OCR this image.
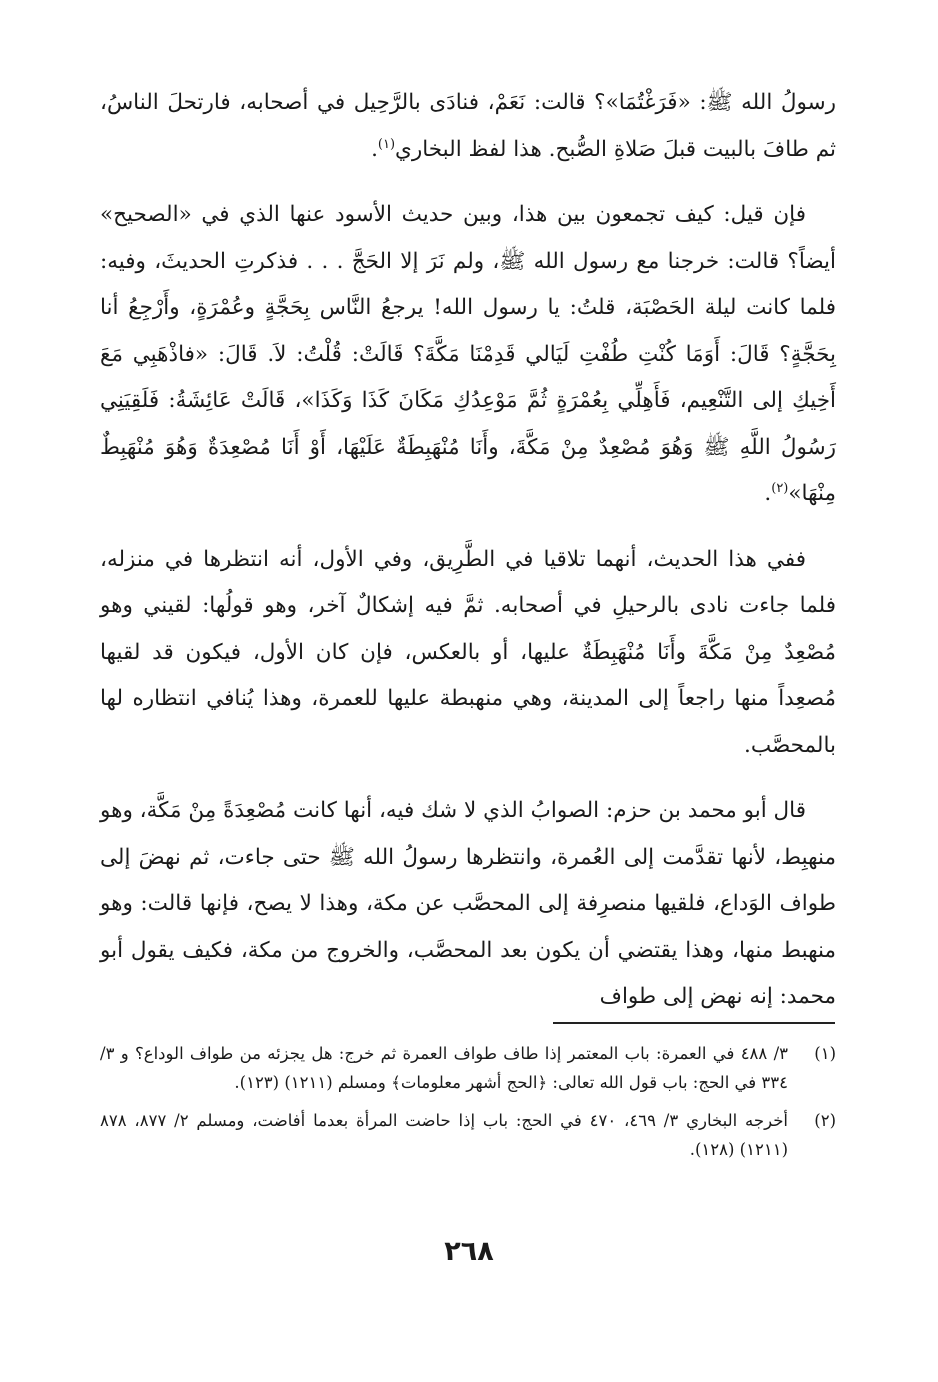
رسولُ الله ﷺ: «فَرَغْتُمَا»؟ قالت: نَعَمْ، فنادَى بالرَّحِيل في أصحابه، فارتحلَ الناسُ، ثم طافَ بالبيت قبلَ صَلاةِ الصُّبح. هذا لفظ البخاري$^{(١)}$.

فإن قيل: كيف تجمعون بين هذا، وبين حديث الأسود عنها الذي في «الصحيح» أيضاً؟ قالت: خرجنا مع رسول الله ﷺ، ولم نَرَ إلا الحَجَّ . . . فذكرتِ الحديثَ، وفيه: فلما كانت ليلة الحَصْبَة، قلتُ: يا رسول الله! يرجعُ النَّاس بِحَجَّةٍ وعُمْرَةٍ، وأَرْجِعُ أنا بِحَجَّةٍ؟ قَالَ: أَوَمَا كُنْتِ طُفْتِ لَيَالي قَدِمْنَا مَكَّةَ؟ قَالَتْ: قُلْتُ: لاَ. قَالَ: «فاذْهَبِي مَعَ أَخِيكِ إلى التَّنْعِيم، فَأَهِلِّي بِعُمْرَةٍ ثُمَّ مَوْعِدُكِ مَكَانَ كَذَا وَكَذَا»، قَالَتْ عَائِشَةُ: فَلَقِيَنِي رَسُولُ اللَّهِ ﷺ وَهُوَ مُصْعِدٌ مِنْ مَكَّةَ، وأَنَا مُنْهَبِطَةٌ عَلَيْهَا، أَوْ أَنَا مُصْعِدَةٌ وَهُوَ مُنْهَبِطٌ مِنْهَا»$^{(٢)}$.

ففي هذا الحديث، أنهما تلاقيا في الطَّرِيق، وفي الأول، أنه انتظرها في منزله، فلما جاءت نادى بالرحيلِ في أصحابه. ثمَّ فيه إشكالٌ آخر، وهو قولُها: لقيني وهو مُصْعِدٌ مِنْ مَكَّةَ وأَنَا مُنْهَبِطَةٌ عليها، أو بالعكس، فإن كان الأول، فيكون قد لقيها مُصعِداً منها راجعاً إلى المدينة، وهي منهبطة عليها للعمرة، وهذا يُنافي انتظاره لها بالمحصَّب.

قال أبو محمد بن حزم: الصوابُ الذي لا شك فيه، أنها كانت مُصْعِدَةً مِنْ مَكَّة، وهو منهبِط، لأنها تقدَّمت إلى العُمرة، وانتظرها رسولُ الله ﷺ حتى جاءت، ثم نهضَ إلى طواف الوَداع، فلقيها منصرِفة إلى المحصَّب عن مكة، وهذا لا يصح، فإنها قالت: وهو منهبط منها، وهذا يقتضي أن يكون بعد المحصَّب، والخروج من مكة، فكيف يقول أبو محمد: إنه نهض إلى طواف

(١)
٣/ ٤٨٨ في العمرة: باب المعتمر إذا طاف طواف العمرة ثم خرج: هل يجزئه من طواف الوداع؟ و ٣/ ٣٣٤ في الحج: باب قول الله تعالى: ﴿الحج أشهر معلومات﴾ ومسلم (١٢١١) (١٢٣).
(٢)
أخرجه البخاري ٣/ ٤٦٩، ٤٧٠ في الحج: باب إذا حاضت المرأة بعدما أفاضت، ومسلم ٢/ ٨٧٧، ٨٧٨ (١٢١١) (١٢٨).
٢٦٨
